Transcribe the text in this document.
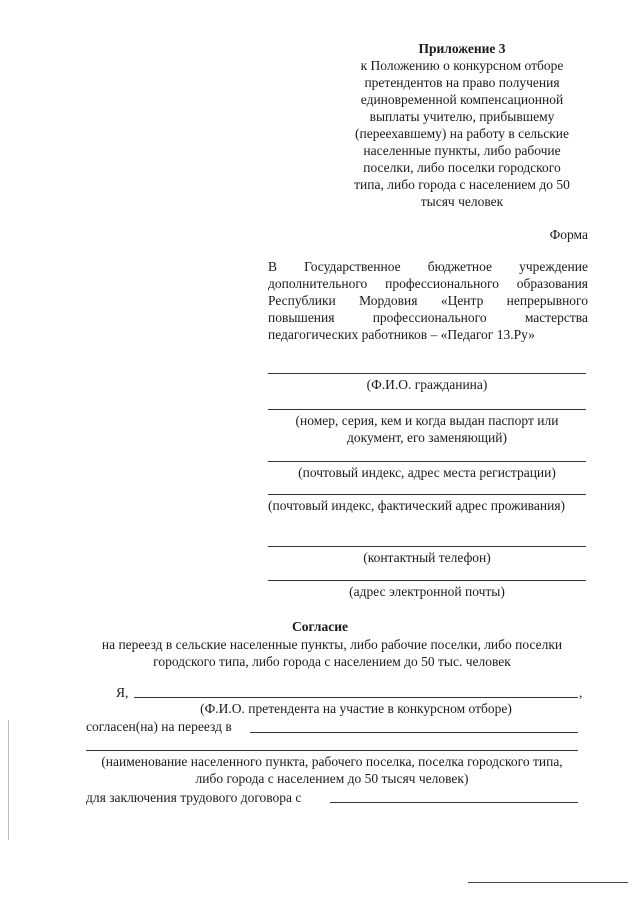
Приложение 3
к Положению о конкурсном отборе
претендентов на право получения
единовременной компенсационной
выплаты учителю, прибывшему
(переехавшему) на работу в сельские
населенные пункты, либо рабочие
поселки, либо поселки городского
типа, либо города с населением до 50
тысяч человек
Форма
В Государственное бюджетное учреждение дополнительного профессионального образования Республики Мордовия «Центр непрерывного повышения профессионального мастерства педагогических работников – «Педагог 13.Ру»
(Ф.И.О. гражданина)
(номер, серия, кем и когда выдан паспорт или документ, его заменяющий)
(почтовый индекс, адрес места регистрации)
(почтовый индекс, фактический адрес проживания)
(контактный телефон)
(адрес электронной почты)
Согласие
на переезд в сельские населенные пункты, либо рабочие поселки, либо поселки городского типа, либо города с населением до 50 тыс. человек
Я,	,
(Ф.И.О. претендента на участие в конкурсном отборе)
согласен(на) на переезд в
(наименование населенного пункта, рабочего поселка, поселка городского типа, либо города с населением до 50 тысяч человек)
для заключения трудового договора с
